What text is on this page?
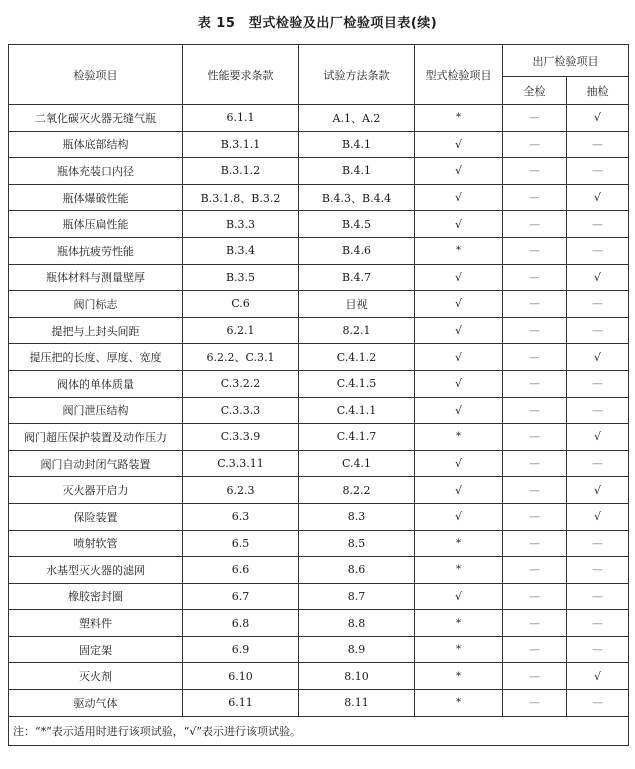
表 15　型式检验及出厂检验项目表(续)
检验项目	性能要求条款	试验方法条款	型式检验项目	出厂检验项目	
				全检	抽检
二氧化碳灭火器无缝气瓶	6.1.1	A.1、A.2	*	—	√
瓶体底部结构	B.3.1.1	B.4.1	√	—	—
瓶体充装口内径	B.3.1.2	B.4.1	√	—	—
瓶体爆破性能	B.3.1.8、B.3.2	B.4.3、B.4.4	√	—	√
瓶体压扁性能	B.3.3	B.4.5	√	—	—
瓶体抗疲劳性能	B.3.4	B.4.6	*	—	—
瓶体材料与测量壁厚	B.3.5	B.4.7	√	—	√
阀门标志	C.6	目视	√	—	—
提把与上封头间距	6.2.1	8.2.1	√	—	—
提压把的长度、厚度、宽度	6.2.2、C.3.1	C.4.1.2	√	—	√
阀体的单体质量	C.3.2.2	C.4.1.5	√	—	—
阀门泄压结构	C.3.3.3	C.4.1.1	√	—	—
阀门超压保护装置及动作压力	C.3.3.9	C.4.1.7	*	—	√
阀门自动封闭气路装置	C.3.3.11	C.4.1	√	—	—
灭火器开启力	6.2.3	8.2.2	√	—	√
保险装置	6.3	8.3	√	—	√
喷射软管	6.5	8.5	*	—	—
水基型灭火器的滤网	6.6	8.6	*	—	—
橡胶密封圈	6.7	8.7	√	—	—
塑料件	6.8	8.8	*	—	—
固定架	6.9	8.9	*	—	—
灭火剂	6.10	8.10	*	—	√
驱动气体	6.11	8.11	*	—	—
注：“*”表示适用时进行该项试验，“√”表示进行该项试验。					
